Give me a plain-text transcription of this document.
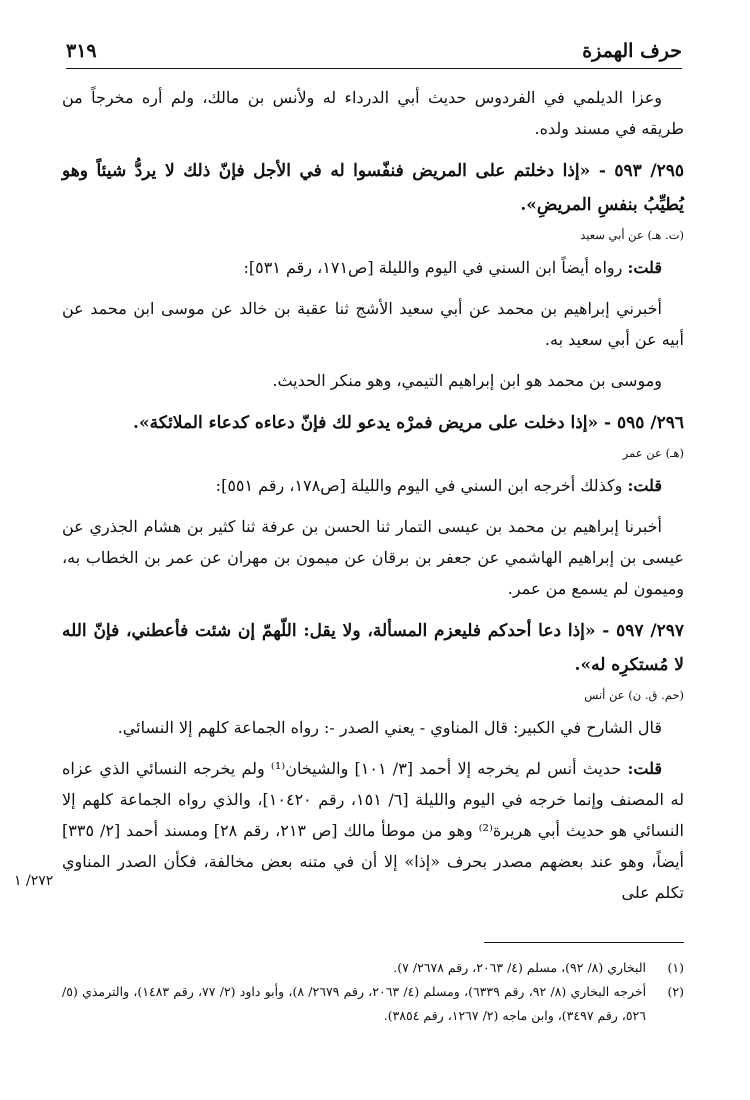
حرف الهمزة
٣١٩

وعزا الديلمي في الفردوس حديث أبي الدرداء له ولأنس بن مالك، ولم أره مخرجاً من طريقه في مسند ولده.

٢٩٥/ ٥٩٣ - «إذا دخلتم على المريض فنفّسوا له في الأجل فإنّ ذلك لا يردُّ شيئاً وهو يُطيِّبُ بنفسِ المريضِ».
(ت. هـ) عن أبي سعيد

قلت: رواه أيضاً ابن السني في اليوم والليلة [ص١٧١، رقم ٥٣١]:

أخبرني إبراهيم بن محمد عن أبي سعيد الأشج ثنا عقبة بن خالد عن موسى ابن محمد عن أبيه عن أبي سعيد به.

وموسى بن محمد هو ابن إبراهيم التيمي، وهو منكر الحديث.

٢٩٦/ ٥٩٥ - «إذا دخلت على مريض فمرْه يدعو لك فإنّ دعاءه كدعاء الملائكة».
(هـ) عن عمر

قلت: وكذلك أخرجه ابن السني في اليوم والليلة [ص١٧٨، رقم ٥٥١]:

أخبرنا إبراهيم بن محمد بن عيسى التمار ثنا الحسن بن عرفة ثنا كثير بن هشام الجذري عن عيسى بن إبراهيم الهاشمي عن جعفر بن برقان عن ميمون بن مهران عن عمر بن الخطاب به، وميمون لم يسمع من عمر.

٢٩٧/ ٥٩٧ - «إذا دعا أحدكم فليعزم المسألة، ولا يقل: اللّهمّ إن شئت فأعطني، فإنّ الله لا مُستكرِه له».
(حم. ق. ن) عن أنس

قال الشارح في الكبير: قال المناوي - يعني الصدر -: رواه الجماعة كلهم إلا النسائي.

قلت: حديث أنس لم يخرجه إلا أحمد [٣/ ١٠١] والشيخان⁽¹⁾ ولم يخرجه النسائي الذي عزاه له المصنف وإنما خرجه في اليوم والليلة [٦/ ١٥١، رقم ١٠٤٢٠]، والذي رواه الجماعة كلهم إلا النسائي هو حديث أبي هريرة⁽²⁾ وهو من موطأ مالك [ص ٢١٣، رقم ٢٨] ومسند أحمد [٢/ ٣٣٥] أيضاً، وهو عند بعضهم مصدر بحرف «إذا» إلا أن في متنه بعض مخالفة، فكأن الصدر المناوي تكلم على

٢٧٢/ ١
(١)
البخاري (٨/ ٩٢)، مسلم (٤/ ٢٠٦٣، رقم ٢٦٧٨/ ٧).
(٢)
أخرجه البخاري (٨/ ٩٢، رقم ٦٣٣٩)، ومسلم (٤/ ٢٠٦٣، رقم ٢٦٧٩/ ٨)، وأبو داود (٢/ ٧٧، رقم ١٤٨٣)، والترمذي (٥/ ٥٢٦، رقم ٣٤٩٧)، وابن ماجه (٢/ ١٢٦٧، رقم ٣٨٥٤).
